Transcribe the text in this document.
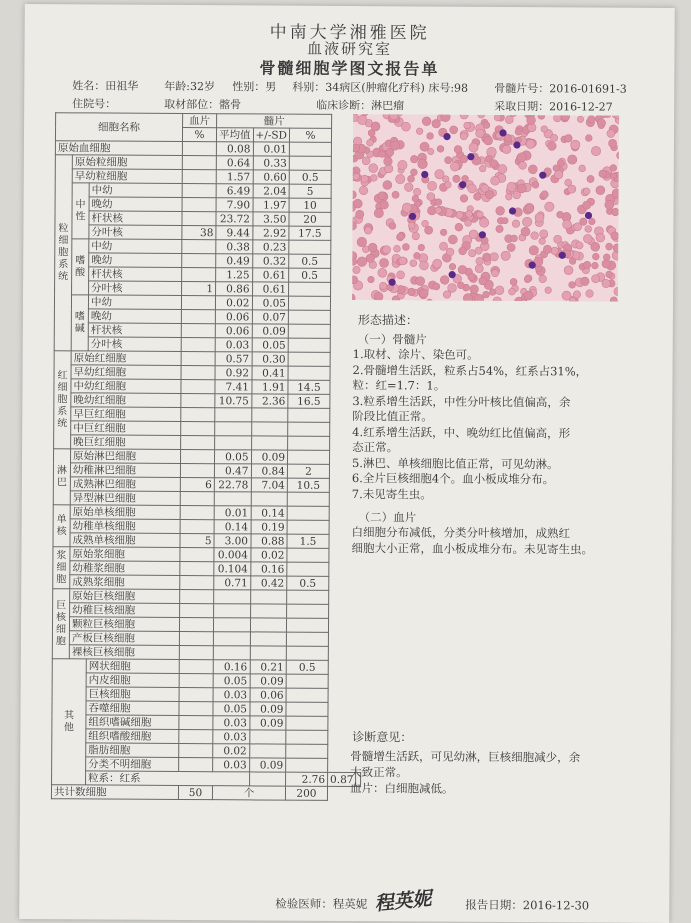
中南大学湘雅医院
血液研究室
骨髓细胞学图文报告单
姓名：田祖华 年龄:32岁 性别：男 科别：34病区(肿瘤化疗科) 床号:98 骨髓片号：2016-01691-3
住院号：	取材部位：髂骨	临床诊断：淋巴瘤	采取日期：2016-12-27
细胞名称			血片	髓片				
			%	平均值	+/-SD	%		
原始血细胞				0.08	0.01			

粒
细
胞
系
统	原始粒细胞			0.64	0.33			
	早幼粒细胞			1.57	0.60	0.5		

	中
性	中幼		6.49	2.04	5		
		晚幼		7.90	1.97	10		
		杆状核		23.72	3.50	20		
		分叶核	38	9.44	2.92	17.5		

	嗜
酸	中幼		0.38	0.23			
		晚幼		0.49	0.32	0.5		
		杆状核		1.25	0.61	0.5		
		分叶核	1	0.86	0.61			

	嗜
碱	中幼		0.02	0.05			
		晚幼		0.06	0.07			
		杆状核		0.06	0.09			
		分叶核		0.03	0.05			

红
细
胞
系
统	原始红细胞			0.57	0.30			
	早幼红细胞			0.92	0.41			
	中幼红细胞			7.41	1.91	14.5		
	晚幼红细胞			10.75	2.36	16.5		
	早巨红细胞							
	中巨红细胞							
	晚巨红细胞							

淋
巴	原始淋巴细胞			0.05	0.09			
	幼稚淋巴细胞			0.47	0.84	2		
	成熟淋巴细胞		6	22.78	7.04	10.5		
	异型淋巴细胞							

单
核	原始单核细胞			0.01	0.14			
	幼稚单核细胞			0.14	0.19			
	成熟单核细胞		5	3.00	0.88	1.5		

浆
细
胞	原始浆细胞			0.004	0.02			
	幼稚浆细胞			0.104	0.16			
	成熟浆细胞			0.71	0.42	0.5		

巨
核
细
胞	原始巨核细胞							
	幼稚巨核细胞							
	颗粒巨核细胞							
	产板巨核细胞							
	裸核巨核细胞							

其
他		网状细胞		0.16	0.21	0.5		
		内皮细胞		0.05	0.09			
		巨核细胞		0.03	0.06			
		吞噬细胞		0.05	0.09			
		组织嗜碱细胞		0.03	0.09			
		组织嗜酸细胞		0.03				
		脂肪细胞		0.02				
		分类不明细胞		0.03	0.09			
		粒系：红系				2.76	0.87	
共计数细胞			50	个		200		
形态描述：
（一）骨髓片
1.取材、涂片、染色可。
2.骨髓增生活跃，粒系占54%，红系占31%，
粒：红=1.7：1。
3.粒系增生活跃，中性分叶核比值偏高，余
阶段比值正常。
4.红系增生活跃，中、晚幼红比值偏高，形
态正常。
5.淋巴、单核细胞比值正常，可见幼淋。
6.全片巨核细胞4个。血小板成堆分布。
7.未见寄生虫。
（二）血片
白细胞分布减低，分类分叶核增加，成熟红
细胞大小正常，血小板成堆分布。未见寄生虫。
诊断意见：
骨髓增生活跃，可见幼淋，巨核细胞减少，余
大致正常。
血片：白细胞减低。
检验医师：程英妮 程英妮	报告日期：2016-12-30
